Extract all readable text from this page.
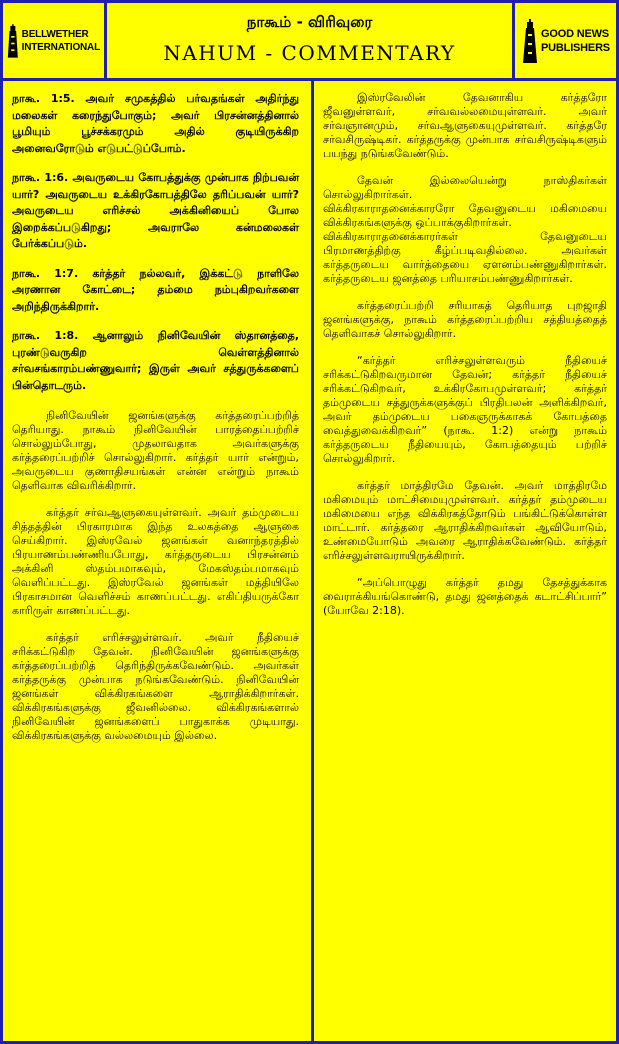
BELLWETHER
INTERNATIONAL
நாகூம் - விரிவுரை
NAHUM - COMMENTARY
GOOD NEWS
PUBLISHERS

நாகூ. 1:5. அவர் சமுகத்தில் பர்வதங்கள் அதிர்ந்து மலைகள் கரைந்துபோகும்; அவர் பிரசன்னத்தினால் பூமியும் பூச்சக்கரமும் அதில் குடியிருக்கிற அனைவரோடும் எடுபட்டுப்போம்.

நாகூ. 1:6. அவருடைய கோபத்துக்கு முன்பாக நிற்பவன் யார்? அவருடைய உக்கிரகோபத்திலே தரிப்பவன் யார்? அவருடைய எரிச்சல் அக்கினியைப் போல இறைக்கப்படுகிறது; அவராலே கன்மலைகள் பேர்க்கப்படும்.

நாகூ. 1:7. கர்த்தர் நல்லவர், இக்கட்டு நாளிலே அரணான கோட்டை; தம்மை நம்புகிறவர்களை அறிந்திருக்கிறார்.

நாகூ. 1:8. ஆனாலும் நினிவேயின் ஸ்தானத்தை, புரண்டுவருகிற வெள்ளத்தினால் சர்வசங்காரம்பண்ணுவார்; இருள் அவர் சத்துருக்களைப் பின்தொடரும்.

நினிவேயின் ஜனங்களுக்கு கர்த்தரைப்பற்றித் தெரியாது. நாகூம் நினிவேயின் பாரத்தைப்பற்றிச் சொல்லும்போது, முதலாவதாக அவர்களுக்கு கர்த்தரைப்பற்றிச் சொல்லுகிறார். கர்த்தர் யார் என்றும், அவருடைய குணாதிசயங்கள் என்ன என்றும் நாகூம் தெளிவாக விவரிக்கிறார்.

கர்த்தர் சர்வஆளுகையுள்ளவர். அவர் தம்முடைய சித்தத்தின் பிரகாரமாக இந்த உலகத்தை ஆளுகை செய்கிறார். இஸ்ரவேல் ஜனங்கள் வனாந்தரத்தில் பிரயாணம்பண்ணியபோது, கர்த்தருடைய பிரசன்னம் அக்கினி ஸ்தம்பமாகவும், மேகஸ்தம்பமாகவும் வெளிப்பட்டது. இஸ்ரவேல் ஜனங்கள் மத்தியிலே பிரகாசமான வெளிச்சம் காணப்பட்டது. எகிப்தியருக்கோ காரிருள் காணப்பட்டது.

கர்த்தர் எரிச்சலுள்ளவர். அவர் நீதியைச் சரிக்கட்டுகிற தேவன். நினிவேயின் ஜனங்களுக்கு கர்த்தரைப்பற்றித் தெரிந்திருக்கவேண்டும். அவர்கள் கர்த்தருக்கு முன்பாக நடுங்கவேண்டும். நினிவேயின் ஜனங்கள் விக்கிரகங்களை ஆராதிக்கிறார்கள். விக்கிரகங்களுக்கு ஜீவனில்லை. விக்கிரகங்களால் நினிவேயின் ஜனங்களைப் பாதுகாக்க முடியாது. விக்கிரகங்களுக்கு வல்லமையும் இல்லை.

இஸ்ரவேலின் தேவனாகிய கர்த்தரோ ஜீவனுள்ளவர், சர்வவல்லமையுள்ளவர். அவர் சர்வஞானமும், சர்வஆளுகையுமுள்ளவர். கர்த்தரே சர்வசிருஷ்டிகர். கர்த்தருக்கு முன்பாக சர்வசிருஷ்டிகளும் பயந்து நடுங்கவேண்டும்.

தேவன் இல்லையென்று நாஸ்திகர்கள் சொல்லுகிறார்கள்.

விக்கிரகாராதனைக்காரரோ தேவனுடைய மகிமையை விக்கிரகங்களுக்கு ஒப்பாக்குகிறார்கள்.

விக்கிரகாராதனைக்காரர்கள் தேவனுடைய பிரமாணத்திற்கு கீழ்ப்படிவதில்லை. அவர்கள் கர்த்தருடைய வார்த்தையை ஏளனம்பண்ணுகிறார்கள். கர்த்தருடைய ஜனத்தை பரியாசம்பண்ணுகிறார்கள்.

கர்த்தரைப்பற்றி சரியாகத் தெரியாத புறஜாதி ஜனங்களுக்கு, நாகூம் கர்த்தரைப்பற்றிய சத்தியத்தைத் தெளிவாகச் சொல்லுகிறார்.

“கர்த்தர் எரிச்சலுள்ளவரும் நீதியைச் சரிக்கட்டுகிறவருமான தேவன்; கர்த்தர் நீதியைச் சரிக்கட்டுகிறவர், உக்கிரகோபமுள்ளவர்; கர்த்தர் தம்முடைய சத்துருக்களுக்குப் பிரதிபலன் அளிக்கிறவர், அவர் தம்முடைய பகைஞருக்காகக் கோபத்தை வைத்துவைக்கிறவர்” (நாகூ. 1:2) என்று நாகூம் கர்த்தருடைய நீதியையும், கோபத்தையும் பற்றிச் சொல்லுகிறார்.

கர்த்தர் மாத்திரமே தேவன். அவர் மாத்திரமே மகிமையும் மாட்சிமையுமுள்ளவர். கர்த்தர் தம்முடைய மகிமையை எந்த விக்கிரகத்தோடும் பங்கிட்டுக்கொள்ள மாட்டார். கர்த்தரை ஆராதிக்கிறவர்கள் ஆவியோடும், உண்மையோடும் அவரை ஆராதிக்கவேண்டும். கர்த்தர் எரிச்சலுள்ளவராயிருக்கிறார்.

“அப்பொழுது கர்த்தர் தமது தேசத்துக்காக வைராக்கியங்கொண்டு, தமது ஜனத்தைக் கடாட்சிப்பார்” (யோவே 2:18).
